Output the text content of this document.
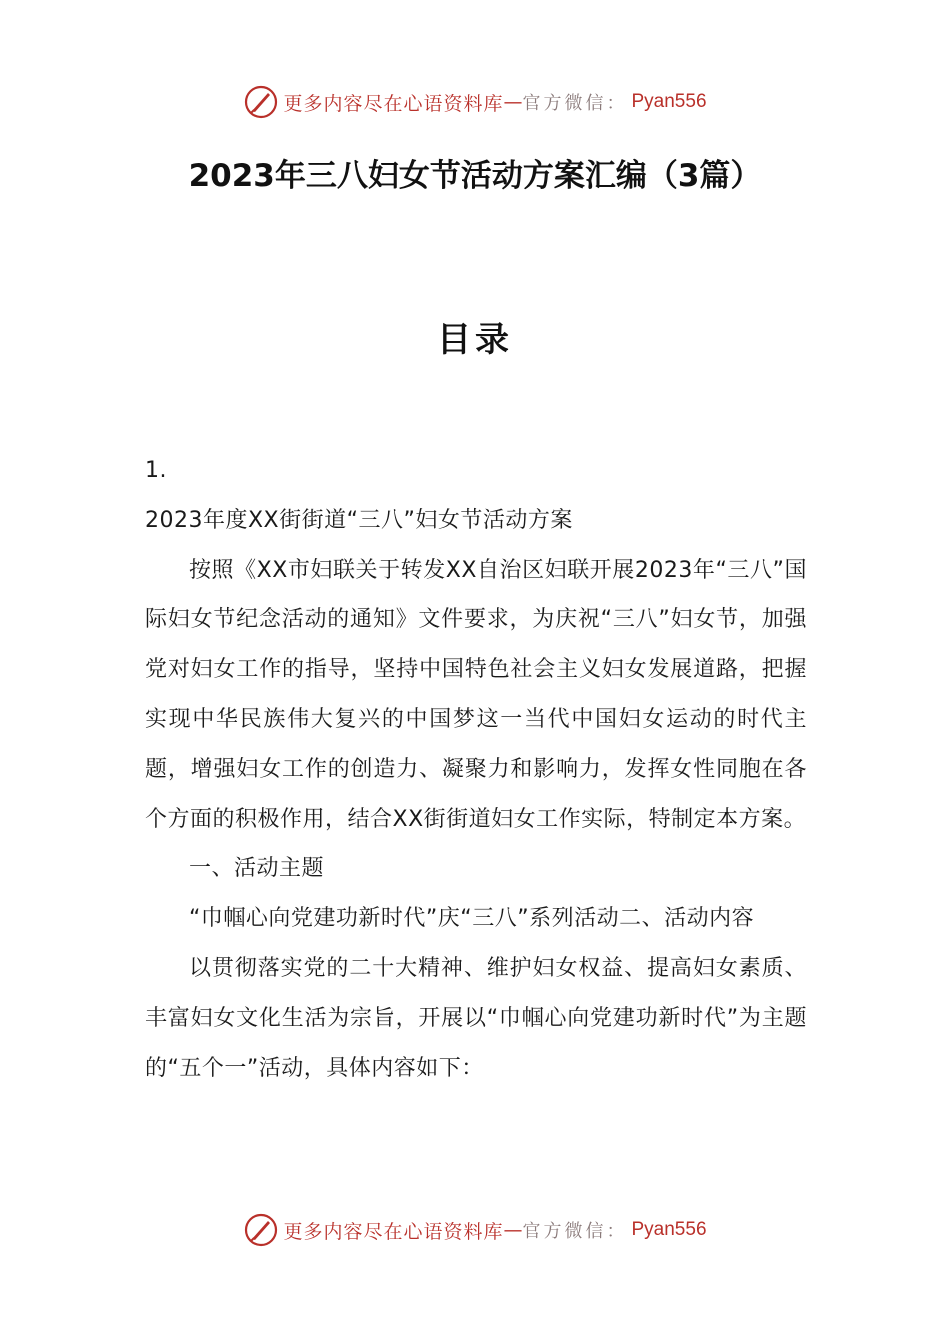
更多内容尽在心语资料库 — 官方微信： Pyan556
2023年三八妇女节活动方案汇编（3篇）
目录

1.

2023年度XX街街道“三八”妇女节活动方案

按照《XX市妇联关于转发XX自治区妇联开展2023年“三八”国际妇女节纪念活动的通知》文件要求，为庆祝“三八”妇女节，加强党对妇女工作的指导，坚持中国特色社会主义妇女发展道路，把握实现中华民族伟大复兴的中国梦这一当代中国妇女运动的时代主题，增强妇女工作的创造力、凝聚力和影响力，发挥女性同胞在各个方面的积极作用，结合XX街街道妇女工作实际，特制定本方案。

一、活动主题

“巾帼心向党建功新时代”庆“三八”系列活动二、活动内容

以贯彻落实党的二十大精神、维护妇女权益、提高妇女素质、丰富妇女文化生活为宗旨，开展以“巾帼心向党建功新时代”为主题的“五个一”活动，具体内容如下：

更多内容尽在心语资料库 — 官方微信： Pyan556
